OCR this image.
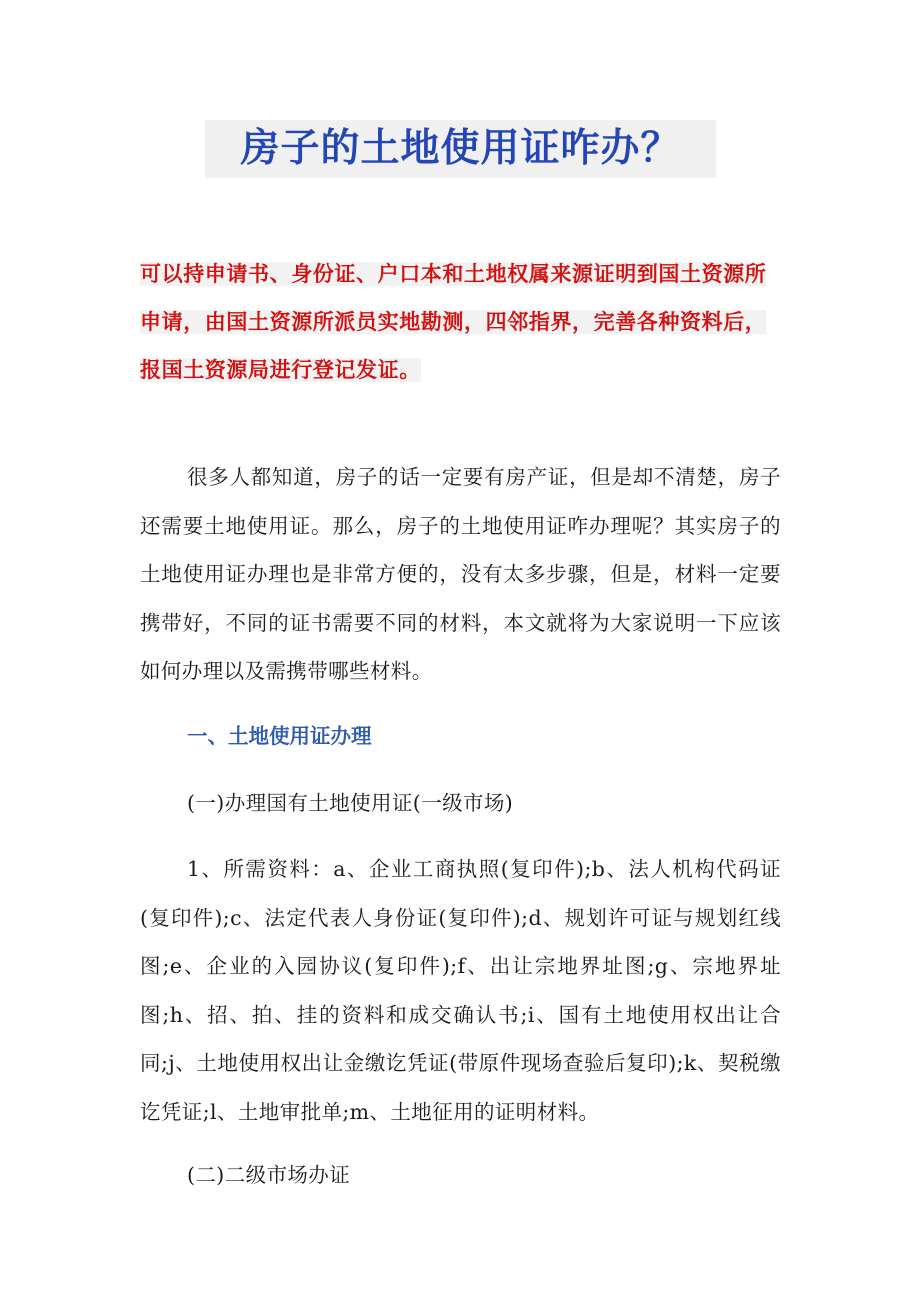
房子的土地使用证咋办？

可以持申请书、身份证、户口本和土地权属来源证明到国土资源所申请，由国土资源所派员实地勘测，四邻指界，完善各种资料后，报国土资源局进行登记发证。

很多人都知道，房子的话一定要有房产证，但是却不清楚，房子还需要土地使用证。那么，房子的土地使用证咋办理呢？其实房子的土地使用证办理也是非常方便的，没有太多步骤，但是，材料一定要携带好，不同的证书需要不同的材料，本文就将为大家说明一下应该如何办理以及需携带哪些材料。

一、土地使用证办理

(一)办理国有土地使用证(一级市场)

1、所需资料：a、企业工商执照(复印件);b、法人机构代码证(复印件);c、法定代表人身份证(复印件);d、规划许可证与规划红线图;e、企业的入园协议(复印件);f、出让宗地界址图;g、宗地界址图;h、招、拍、挂的资料和成交确认书;i、国有土地使用权出让合同;j、土地使用权出让金缴讫凭证(带原件现场查验后复印);k、契税缴讫凭证;l、土地审批单;m、土地征用的证明材料。

(二)二级市场办证
